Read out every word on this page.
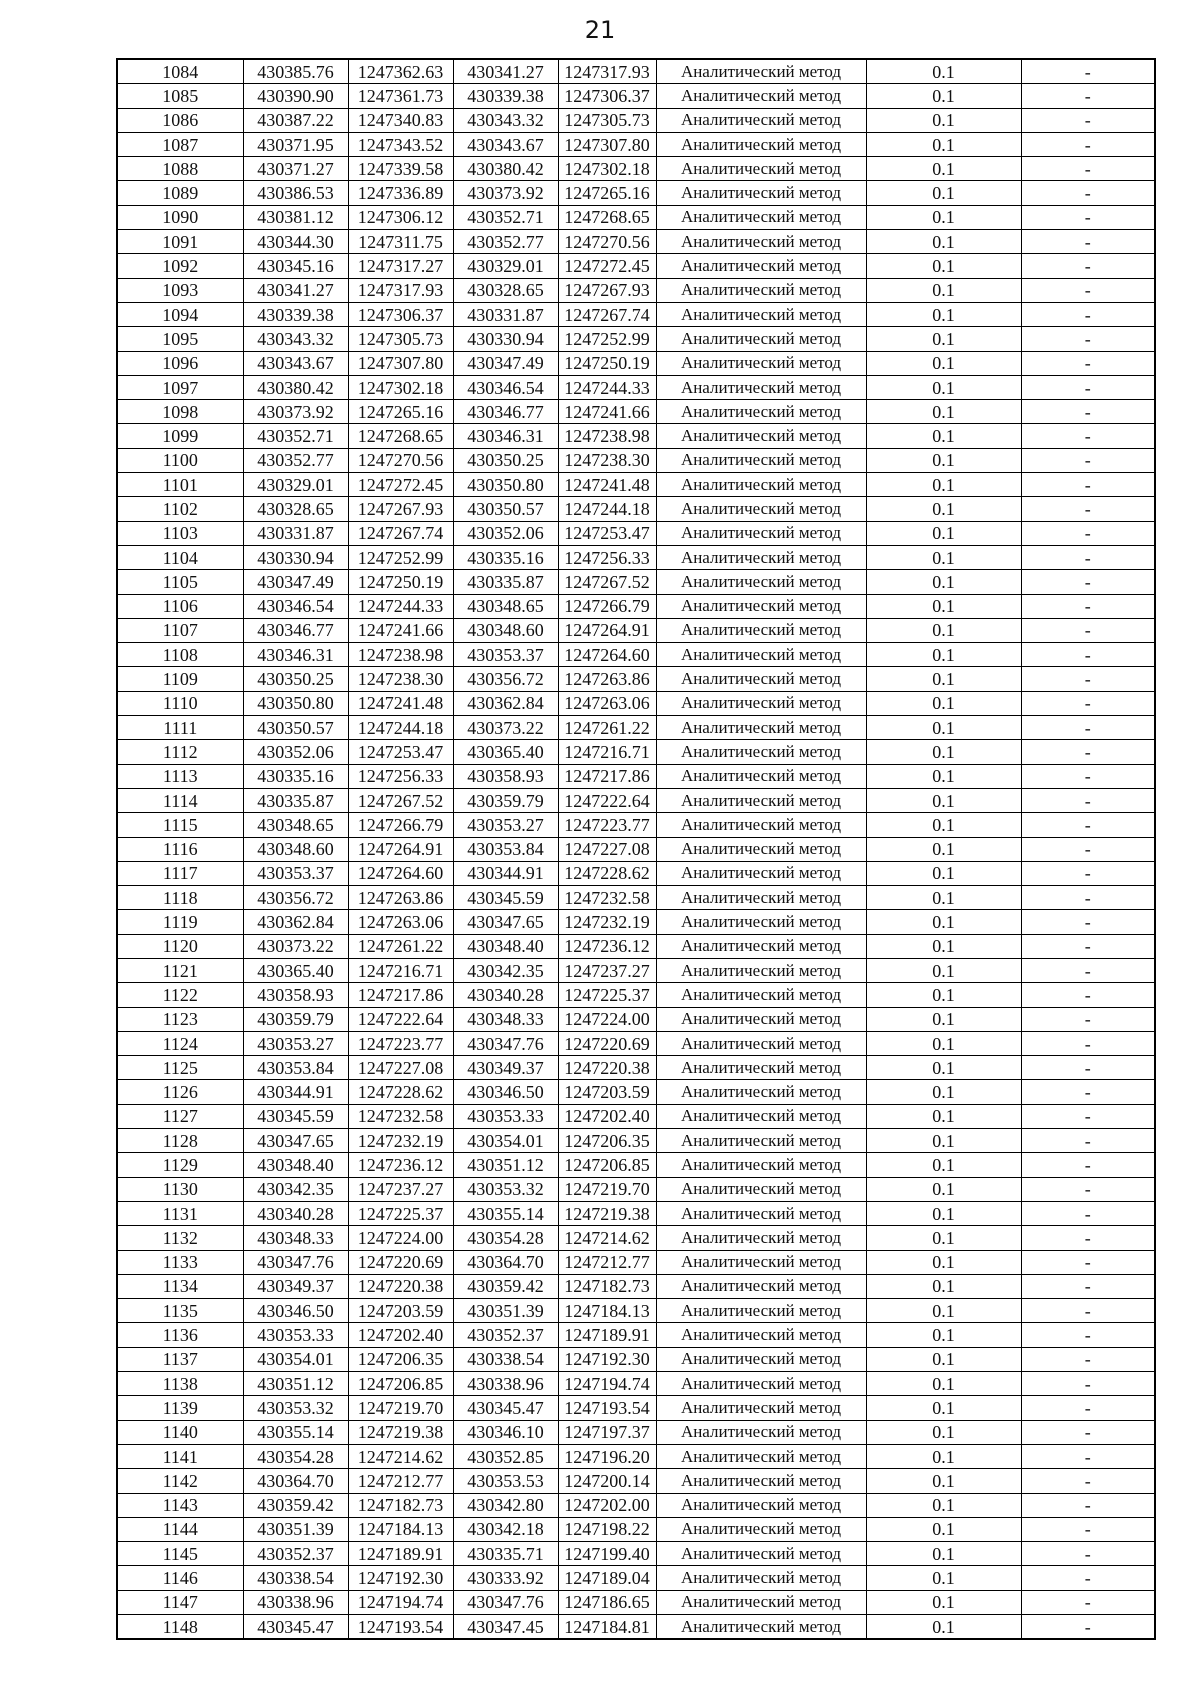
21
1084	430385.76	1247362.63	430341.27	1247317.93	Аналитический метод	0.1	-
1085	430390.90	1247361.73	430339.38	1247306.37	Аналитический метод	0.1	-
1086	430387.22	1247340.83	430343.32	1247305.73	Аналитический метод	0.1	-
1087	430371.95	1247343.52	430343.67	1247307.80	Аналитический метод	0.1	-
1088	430371.27	1247339.58	430380.42	1247302.18	Аналитический метод	0.1	-
1089	430386.53	1247336.89	430373.92	1247265.16	Аналитический метод	0.1	-
1090	430381.12	1247306.12	430352.71	1247268.65	Аналитический метод	0.1	-
1091	430344.30	1247311.75	430352.77	1247270.56	Аналитический метод	0.1	-
1092	430345.16	1247317.27	430329.01	1247272.45	Аналитический метод	0.1	-
1093	430341.27	1247317.93	430328.65	1247267.93	Аналитический метод	0.1	-
1094	430339.38	1247306.37	430331.87	1247267.74	Аналитический метод	0.1	-
1095	430343.32	1247305.73	430330.94	1247252.99	Аналитический метод	0.1	-
1096	430343.67	1247307.80	430347.49	1247250.19	Аналитический метод	0.1	-
1097	430380.42	1247302.18	430346.54	1247244.33	Аналитический метод	0.1	-
1098	430373.92	1247265.16	430346.77	1247241.66	Аналитический метод	0.1	-
1099	430352.71	1247268.65	430346.31	1247238.98	Аналитический метод	0.1	-
1100	430352.77	1247270.56	430350.25	1247238.30	Аналитический метод	0.1	-
1101	430329.01	1247272.45	430350.80	1247241.48	Аналитический метод	0.1	-
1102	430328.65	1247267.93	430350.57	1247244.18	Аналитический метод	0.1	-
1103	430331.87	1247267.74	430352.06	1247253.47	Аналитический метод	0.1	-
1104	430330.94	1247252.99	430335.16	1247256.33	Аналитический метод	0.1	-
1105	430347.49	1247250.19	430335.87	1247267.52	Аналитический метод	0.1	-
1106	430346.54	1247244.33	430348.65	1247266.79	Аналитический метод	0.1	-
1107	430346.77	1247241.66	430348.60	1247264.91	Аналитический метод	0.1	-
1108	430346.31	1247238.98	430353.37	1247264.60	Аналитический метод	0.1	-
1109	430350.25	1247238.30	430356.72	1247263.86	Аналитический метод	0.1	-
1110	430350.80	1247241.48	430362.84	1247263.06	Аналитический метод	0.1	-
1111	430350.57	1247244.18	430373.22	1247261.22	Аналитический метод	0.1	-
1112	430352.06	1247253.47	430365.40	1247216.71	Аналитический метод	0.1	-
1113	430335.16	1247256.33	430358.93	1247217.86	Аналитический метод	0.1	-
1114	430335.87	1247267.52	430359.79	1247222.64	Аналитический метод	0.1	-
1115	430348.65	1247266.79	430353.27	1247223.77	Аналитический метод	0.1	-
1116	430348.60	1247264.91	430353.84	1247227.08	Аналитический метод	0.1	-
1117	430353.37	1247264.60	430344.91	1247228.62	Аналитический метод	0.1	-
1118	430356.72	1247263.86	430345.59	1247232.58	Аналитический метод	0.1	-
1119	430362.84	1247263.06	430347.65	1247232.19	Аналитический метод	0.1	-
1120	430373.22	1247261.22	430348.40	1247236.12	Аналитический метод	0.1	-
1121	430365.40	1247216.71	430342.35	1247237.27	Аналитический метод	0.1	-
1122	430358.93	1247217.86	430340.28	1247225.37	Аналитический метод	0.1	-
1123	430359.79	1247222.64	430348.33	1247224.00	Аналитический метод	0.1	-
1124	430353.27	1247223.77	430347.76	1247220.69	Аналитический метод	0.1	-
1125	430353.84	1247227.08	430349.37	1247220.38	Аналитический метод	0.1	-
1126	430344.91	1247228.62	430346.50	1247203.59	Аналитический метод	0.1	-
1127	430345.59	1247232.58	430353.33	1247202.40	Аналитический метод	0.1	-
1128	430347.65	1247232.19	430354.01	1247206.35	Аналитический метод	0.1	-
1129	430348.40	1247236.12	430351.12	1247206.85	Аналитический метод	0.1	-
1130	430342.35	1247237.27	430353.32	1247219.70	Аналитический метод	0.1	-
1131	430340.28	1247225.37	430355.14	1247219.38	Аналитический метод	0.1	-
1132	430348.33	1247224.00	430354.28	1247214.62	Аналитический метод	0.1	-
1133	430347.76	1247220.69	430364.70	1247212.77	Аналитический метод	0.1	-
1134	430349.37	1247220.38	430359.42	1247182.73	Аналитический метод	0.1	-
1135	430346.50	1247203.59	430351.39	1247184.13	Аналитический метод	0.1	-
1136	430353.33	1247202.40	430352.37	1247189.91	Аналитический метод	0.1	-
1137	430354.01	1247206.35	430338.54	1247192.30	Аналитический метод	0.1	-
1138	430351.12	1247206.85	430338.96	1247194.74	Аналитический метод	0.1	-
1139	430353.32	1247219.70	430345.47	1247193.54	Аналитический метод	0.1	-
1140	430355.14	1247219.38	430346.10	1247197.37	Аналитический метод	0.1	-
1141	430354.28	1247214.62	430352.85	1247196.20	Аналитический метод	0.1	-
1142	430364.70	1247212.77	430353.53	1247200.14	Аналитический метод	0.1	-
1143	430359.42	1247182.73	430342.80	1247202.00	Аналитический метод	0.1	-
1144	430351.39	1247184.13	430342.18	1247198.22	Аналитический метод	0.1	-
1145	430352.37	1247189.91	430335.71	1247199.40	Аналитический метод	0.1	-
1146	430338.54	1247192.30	430333.92	1247189.04	Аналитический метод	0.1	-
1147	430338.96	1247194.74	430347.76	1247186.65	Аналитический метод	0.1	-
1148	430345.47	1247193.54	430347.45	1247184.81	Аналитический метод	0.1	-
